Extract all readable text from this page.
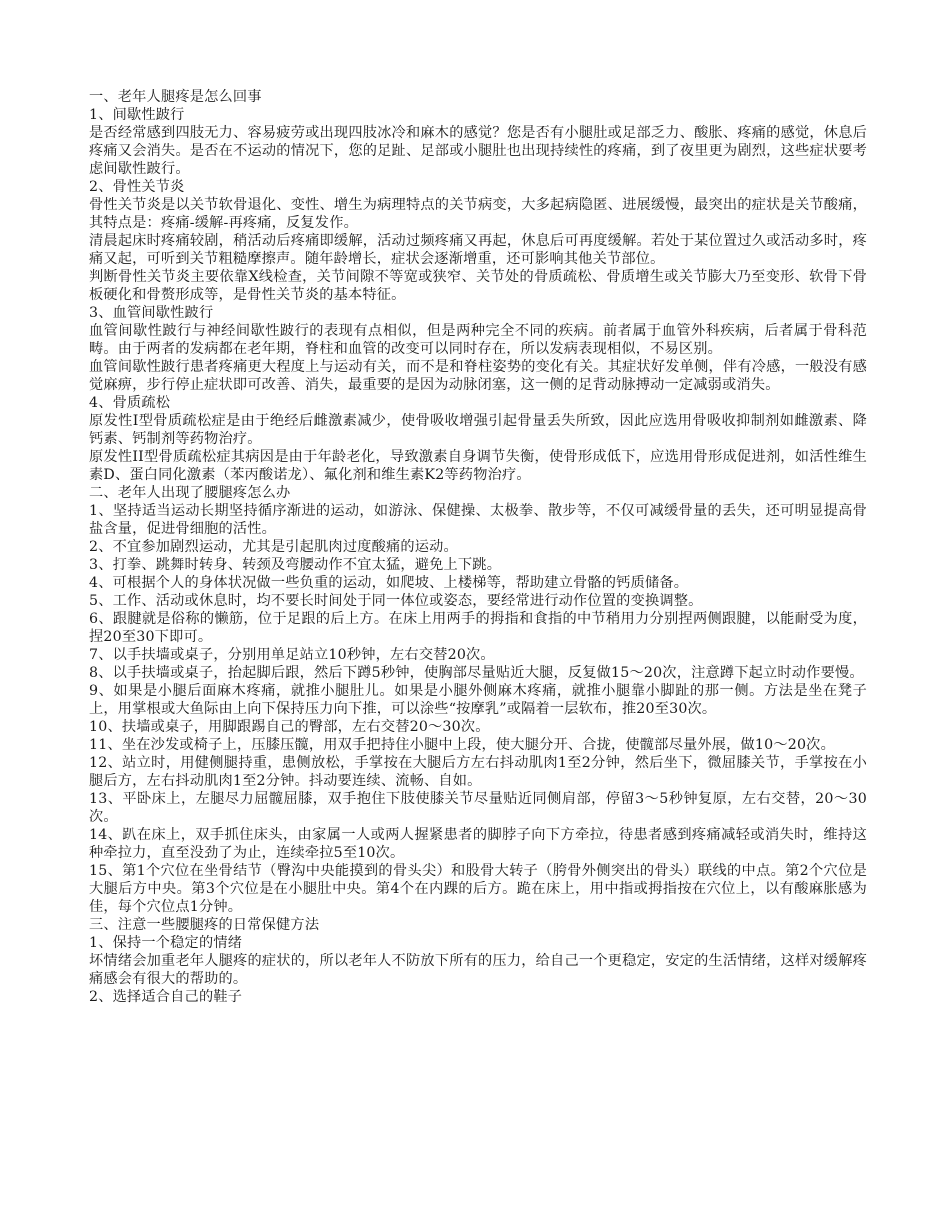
一、老年人腿疼是怎么回事

1、间歇性跛行

是否经常感到四肢无力、容易疲劳或出现四肢冰冷和麻木的感觉？您是否有小腿肚或足部乏力、酸胀、疼痛的感觉，休息后疼痛又会消失。是否在不运动的情况下，您的足趾、足部或小腿肚也出现持续性的疼痛，到了夜里更为剧烈，这些症状要考虑间歇性跛行。

2、骨性关节炎

骨性关节炎是以关节软骨退化、变性、增生为病理特点的关节病变，大多起病隐匿、进展缓慢，最突出的症状是关节酸痛，其特点是：疼痛-缓解-再疼痛，反复发作。

清晨起床时疼痛较剧，稍活动后疼痛即缓解，活动过频疼痛又再起，休息后可再度缓解。若处于某位置过久或活动多时，疼痛又起，可听到关节粗糙摩擦声。随年龄增长，症状会逐渐增重，还可影响其他关节部位。

判断骨性关节炎主要依靠X线检查，关节间隙不等宽或狭窄、关节处的骨质疏松、骨质增生或关节膨大乃至变形、软骨下骨板硬化和骨赘形成等，是骨性关节炎的基本特征。

3、血管间歇性跛行

血管间歇性跛行与神经间歇性跛行的表现有点相似，但是两种完全不同的疾病。前者属于血管外科疾病，后者属于骨科范畴。由于两者的发病都在老年期，脊柱和血管的改变可以同时存在，所以发病表现相似，不易区别。

血管间歇性跛行患者疼痛更大程度上与运动有关，而不是和脊柱姿势的变化有关。其症状好发单侧，伴有冷感，一般没有感觉麻痹，步行停止症状即可改善、消失，最重要的是因为动脉闭塞，这一侧的足背动脉搏动一定减弱或消失。

4、骨质疏松

原发性I型骨质疏松症是由于绝经后雌激素减少，使骨吸收增强引起骨量丢失所致，因此应选用骨吸收抑制剂如雌激素、降钙素、钙制剂等药物治疗。

原发性II型骨质疏松症其病因是由于年龄老化，导致激素自身调节失衡，使骨形成低下，应选用骨形成促进剂，如活性维生素D、蛋白同化激素（苯丙酸诺龙）、氟化剂和维生素K2等药物治疗。

二、老年人出现了腰腿疼怎么办

1、坚持适当运动长期坚持循序渐进的运动，如游泳、保健操、太极拳、散步等，不仅可减缓骨量的丢失，还可明显提高骨盐含量，促进骨细胞的活性。

2、不宜参加剧烈运动，尤其是引起肌肉过度酸痛的运动。

3、打拳、跳舞时转身、转颈及弯腰动作不宜太猛，避免上下跳。

4、可根据个人的身体状况做一些负重的运动，如爬坡、上楼梯等，帮助建立骨骼的钙质储备。

5、工作、活动或休息时，均不要长时间处于同一体位或姿态，要经常进行动作位置的变换调整。

6、跟腱就是俗称的懒筋，位于足跟的后上方。在床上用两手的拇指和食指的中节稍用力分别捏两侧跟腱，以能耐受为度，捏20至30下即可。

7、以手扶墙或桌子，分别用单足站立10秒钟，左右交替20次。

8、以手扶墙或桌子，抬起脚后跟，然后下蹲5秒钟，使胸部尽量贴近大腿，反复做15～20次，注意蹲下起立时动作要慢。

9、如果是小腿后面麻木疼痛，就推小腿肚儿。如果是小腿外侧麻木疼痛，就推小腿靠小脚趾的那一侧。方法是坐在凳子上，用掌根或大鱼际由上向下保持压力向下推，可以涂些“按摩乳”或隔着一层软布，推20至30次。

10、扶墙或桌子，用脚跟踢自己的臀部，左右交替20～30次。

11、坐在沙发或椅子上，压膝压髋，用双手把持住小腿中上段，使大腿分开、合拢，使髋部尽量外展，做10～20次。

12、站立时，用健侧腿持重，患侧放松，手掌按在大腿后方左右抖动肌肉1至2分钟，然后坐下，微屈膝关节，手掌按在小腿后方，左右抖动肌肉1至2分钟。抖动要连续、流畅、自如。

13、平卧床上，左腿尽力屈髋屈膝，双手抱住下肢使膝关节尽量贴近同侧肩部，停留3～5秒钟复原，左右交替，20～30次。

14、趴在床上，双手抓住床头，由家属一人或两人握紧患者的脚脖子向下方牵拉，待患者感到疼痛减轻或消失时，维持这种牵拉力，直至没劲了为止，连续牵拉5至10次。

15、第1个穴位在坐骨结节（臀沟中央能摸到的骨头尖）和股骨大转子（胯骨外侧突出的骨头）联线的中点。第2个穴位是大腿后方中央。第3个穴位是在小腿肚中央。第4个在内踝的后方。跪在床上，用中指或拇指按在穴位上，以有酸麻胀感为佳，每个穴位点1分钟。

三、注意一些腰腿疼的日常保健方法

1、保持一个稳定的情绪

坏情绪会加重老年人腿疼的症状的，所以老年人不防放下所有的压力，给自己一个更稳定，安定的生活情绪，这样对缓解疼痛感会有很大的帮助的。

2、选择适合自己的鞋子
